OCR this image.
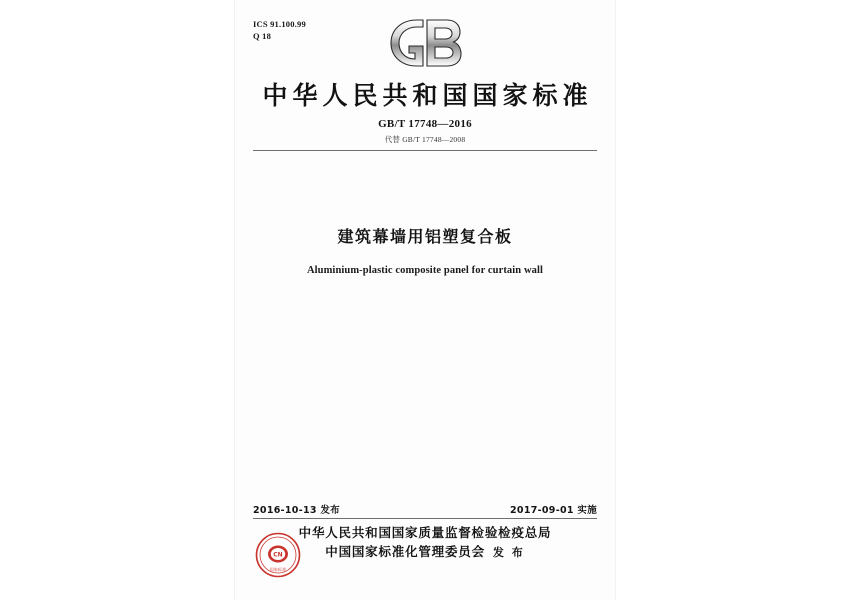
ICS 91.100.99
Q 18
中华人民共和国国家标准
GB/T 17748—2016
代替 GB/T 17748—2008
建筑幕墙用铝塑复合板
Aluminium-plastic composite panel for curtain wall
2016-10-13 发布	2017-09-01 实施
中华人民共和国国家质量监督检验检疫总局
中国国家标准化管理委员会 发 布
CN
国家标准
